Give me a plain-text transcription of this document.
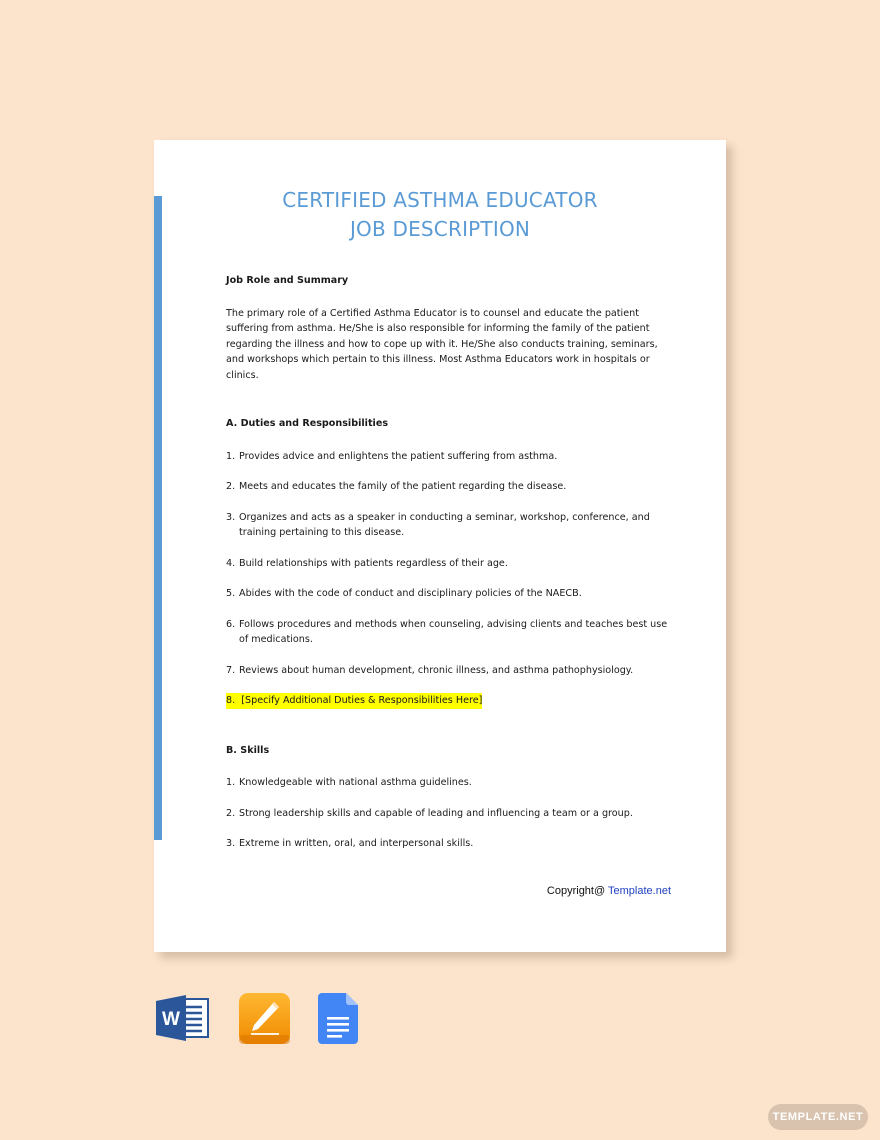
CERTIFIED ASTHMA EDUCATOR
JOB DESCRIPTION

Job Role and Summary

The primary role of a Certified Asthma Educator is to counsel and educate the patient suffering from asthma. He/She is also responsible for informing the family of the patient regarding the illness and how to cope up with it. He/She also conducts training, seminars, and workshops which pertain to this illness. Most Asthma Educators work in hospitals or clinics.

A. Duties and Responsibilities

1. Provides advice and enlightens the patient suffering from asthma.
2. Meets and educates the family of the patient regarding the disease.
3. Organizes and acts as a speaker in conducting a seminar, workshop, conference, and training pertaining to this disease.
4. Build relationships with patients regardless of their age.
5. Abides with the code of conduct and disciplinary policies of the NAECB.
6. Follows procedures and methods when counseling, advising clients and teaches best use of medications.
7. Reviews about human development, chronic illness, and asthma pathophysiology.
8. [Specify Additional Duties & Responsibilities Here]

B. Skills

1. Knowledgeable with national asthma guidelines.
2. Strong leadership skills and capable of leading and influencing a team or a group.
3. Extreme in written, oral, and interpersonal skills.
Copyright@ Template.net
W
TEMPLATE.NET
